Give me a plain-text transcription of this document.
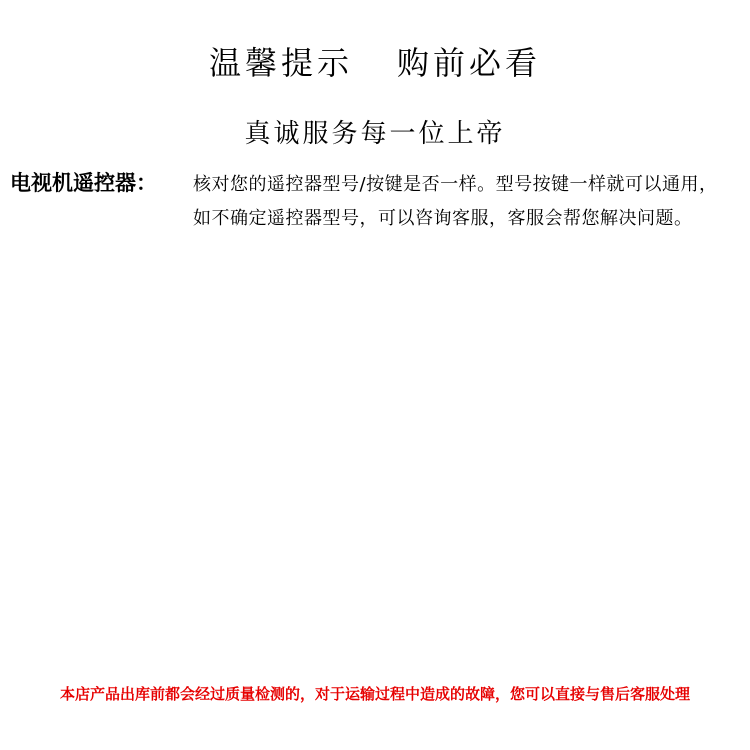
温馨提示 购前必看
真诚服务每一位上帝
电视机遥控器： 核对您的遥控器型号/按键是否一样。型号按键一样就可以通用，如不确定遥控器型号，可以咨询客服，客服会帮您解决问题。
本店产品出库前都会经过质量检测的，对于运输过程中造成的故障，您可以直接与售后客服处理
